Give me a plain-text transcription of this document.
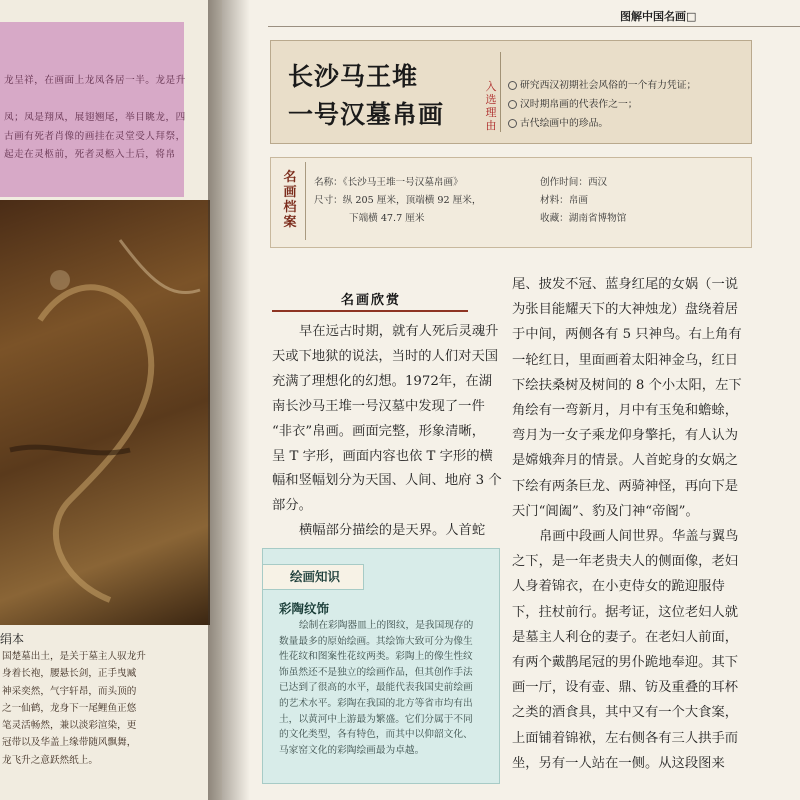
龙呈祥，在画面上龙凤各居一半。龙是升
凤；凤是翔凤，展翅翘尾，举目眺龙，四
古画有死者肖像的画挂在灵堂受人拜祭，
起走在灵柩前，死者灵柩入土后，将帛
绢本
国楚墓出土，是关于墓主人驭龙升
身着长袍，腰悬长剑，正手曳臧
神采奕然，气宇轩昂，而头顶的
之一仙鹤，龙身下一尾鲤鱼正悠
笔灵活畅然，兼以淡彩渲染，更
冠带以及华盖上缘带随风飘舞，
龙飞升之意跃然纸上。
图解中国名画□
长沙马王堆
一号汉墓帛画
入选理由
研究西汉初期社会风俗的一个有力凭证；
汉时期帛画的代表作之一；
古代绘画中的珍品。
名画档案
名称：《长沙马王堆一号汉墓帛画》
尺寸：纵 205 厘米，顶端横 92 厘米，
下端横 47.7 厘米
创作时间：西汉
材料：帛画
收藏：湖南省博物馆
名画欣赏
早在远古时期，就有人死后灵魂升
天或下地狱的说法，当时的人们对天国
充满了理想化的幻想。1972年，在湖
南长沙马王堆一号汉墓中发现了一件
“非衣”帛画。画面完整，形象清晰，
呈 T 字形，画面内容也依 T 字形的横
幅和竖幅划分为天国、人间、地府 3 个
部分。
横幅部分描绘的是天界。人首蛇
尾、披发不冠、蓝身红尾的女娲（一说
为张目能耀天下的大神烛龙）盘绕着居
于中间，两侧各有 5 只神鸟。右上角有
一轮红日，里面画着太阳神金乌，红日
下绘扶桑树及树间的 8 个小太阳，左下
角绘有一弯新月，月中有玉兔和蟾蜍，
弯月为一女子乘龙仰身擎托，有人认为
是嫦娥奔月的情景。人首蛇身的女娲之
下绘有两条巨龙、两骑神怪，再向下是
天门“阊阖”、豹及门神“帝阍”。
帛画中段画人间世界。华盖与翼鸟
之下，是一年老贵夫人的侧面像，老妇
人身着锦衣，在小吏侍女的跪迎服侍
下，拄杖前行。据考证，这位老妇人就
是墓主人利仓的妻子。在老妇人前面，
有两个戴鹊尾冠的男仆跪地奉迎。其下
画一厅，设有壶、鼎、钫及重叠的耳杯
之类的酒食具，其中又有一个大食案，
上面铺着锦袱，左右侧各有三人拱手而
坐，另有一人站在一侧。从这段图来
绘画知识
彩陶纹饰
绘制在彩陶器皿上的图纹，是我国现存的
数量最多的原始绘画。其绘饰大致可分为像生
性花纹和图案性花纹两类。彩陶上的像生性纹
饰虽然还不是独立的绘画作品，但其创作手法
已达到了很高的水平，最能代表我国史前绘画
的艺术水平。彩陶在我国的北方等省市均有出
土，以黄河中上游最为繁盛。它们分属于不同
的文化类型，各有特色，而其中以仰韶文化、
马家窑文化的彩陶绘画最为卓越。
